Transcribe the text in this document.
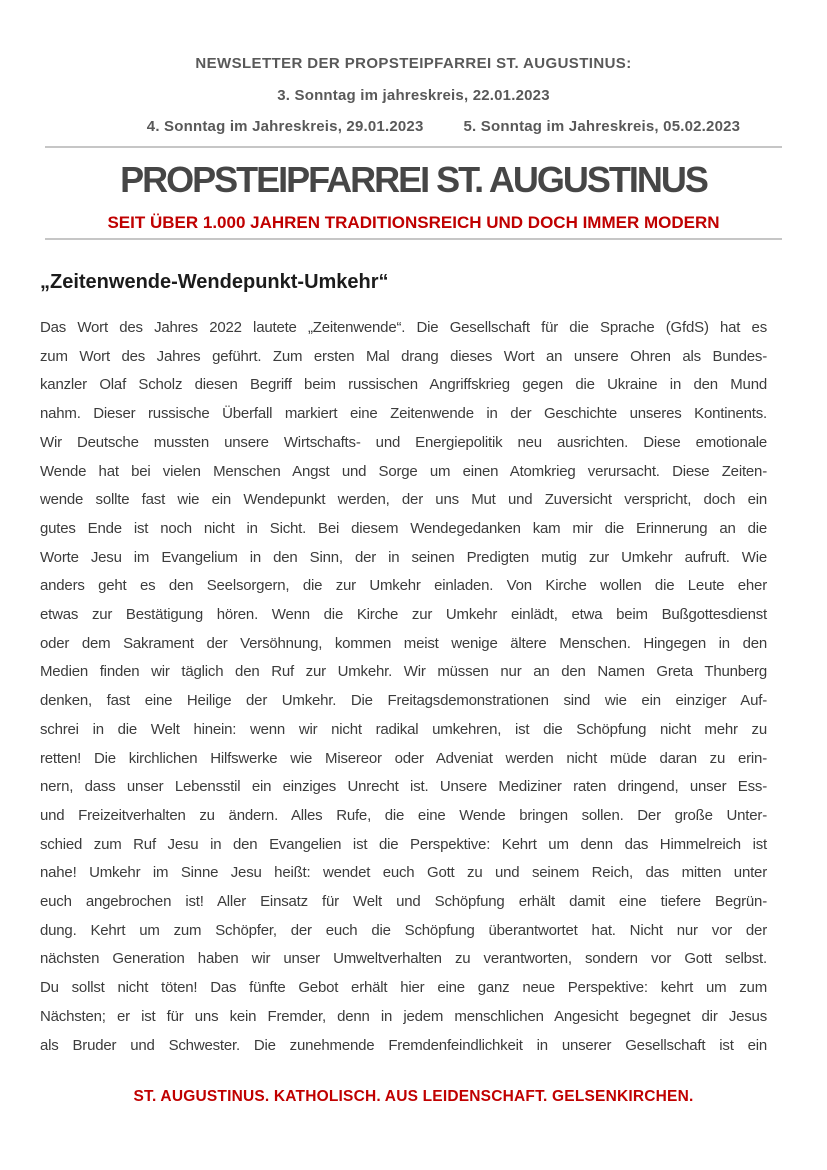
NEWSLETTER DER PROPSTEIPFARREI ST. AUGUSTINUS:
3. Sonntag im jahreskreis, 22.01.2023
4. Sonntag im Jahreskreis, 29.01.2023	5. Sonntag im Jahreskreis, 05.02.2023
PROPSTEIPFARREI ST. AUGUSTINUS
SEIT ÜBER 1.000 JAHREN TRADITIONSREICH UND DOCH IMMER MODERN
„Zeitenwende-Wendepunkt-Umkehr“
Das Wort des Jahres 2022 lautete „Zeitenwende“. Die Gesellschaft für die Sprache (GfdS) hat es
zum Wort des Jahres geführt. Zum ersten Mal drang dieses Wort an unsere Ohren als Bundes-
kanzler Olaf Scholz diesen Begriff beim russischen Angriffskrieg gegen die Ukraine in den Mund
nahm. Dieser russische Überfall markiert eine Zeitenwende in der Geschichte unseres Kontinents.
Wir Deutsche mussten unsere Wirtschafts- und Energiepolitik neu ausrichten. Diese emotionale
Wende hat bei vielen Menschen Angst und Sorge um einen Atomkrieg verursacht. Diese Zeiten-
wende sollte fast wie ein Wendepunkt werden, der uns Mut und Zuversicht verspricht, doch ein
gutes Ende ist noch nicht in Sicht. Bei diesem Wendegedanken kam mir die Erinnerung an die
Worte Jesu im Evangelium in den Sinn, der in seinen Predigten mutig zur Umkehr aufruft. Wie
anders geht es den Seelsorgern, die zur Umkehr einladen. Von Kirche wollen die Leute eher
etwas zur Bestätigung hören. Wenn die Kirche zur Umkehr einlädt, etwa beim Bußgottesdienst
oder dem Sakrament der Versöhnung, kommen meist wenige ältere Menschen. Hingegen in den
Medien finden wir täglich den Ruf zur Umkehr. Wir müssen nur an den Namen Greta Thunberg
denken, fast eine Heilige der Umkehr. Die Freitagsdemonstrationen sind wie ein einziger Auf-
schrei in die Welt hinein: wenn wir nicht radikal umkehren, ist die Schöpfung nicht mehr zu
retten! Die kirchlichen Hilfswerke wie Misereor oder Adveniat werden nicht müde daran zu erin-
nern, dass unser Lebensstil ein einziges Unrecht ist. Unsere Mediziner raten dringend, unser Ess-
und Freizeitverhalten zu ändern. Alles Rufe, die eine Wende bringen sollen. Der große Unter-
schied zum Ruf Jesu in den Evangelien ist die Perspektive: Kehrt um denn das Himmelreich ist
nahe! Umkehr im Sinne Jesu heißt: wendet euch Gott zu und seinem Reich, das mitten unter
euch angebrochen ist! Aller Einsatz für Welt und Schöpfung erhält damit eine tiefere Begrün-
dung. Kehrt um zum Schöpfer, der euch die Schöpfung überantwortet hat. Nicht nur vor der
nächsten Generation haben wir unser Umweltverhalten zu verantworten, sondern vor Gott selbst.
Du sollst nicht töten! Das fünfte Gebot erhält hier eine ganz neue Perspektive: kehrt um zum
Nächsten; er ist für uns kein Fremder, denn in jedem menschlichen Angesicht begegnet dir Jesus
als Bruder und Schwester. Die zunehmende Fremdenfeindlichkeit in unserer Gesellschaft ist ein
ST. AUGUSTINUS. KATHOLISCH. AUS LEIDENSCHAFT. GELSENKIRCHEN.
